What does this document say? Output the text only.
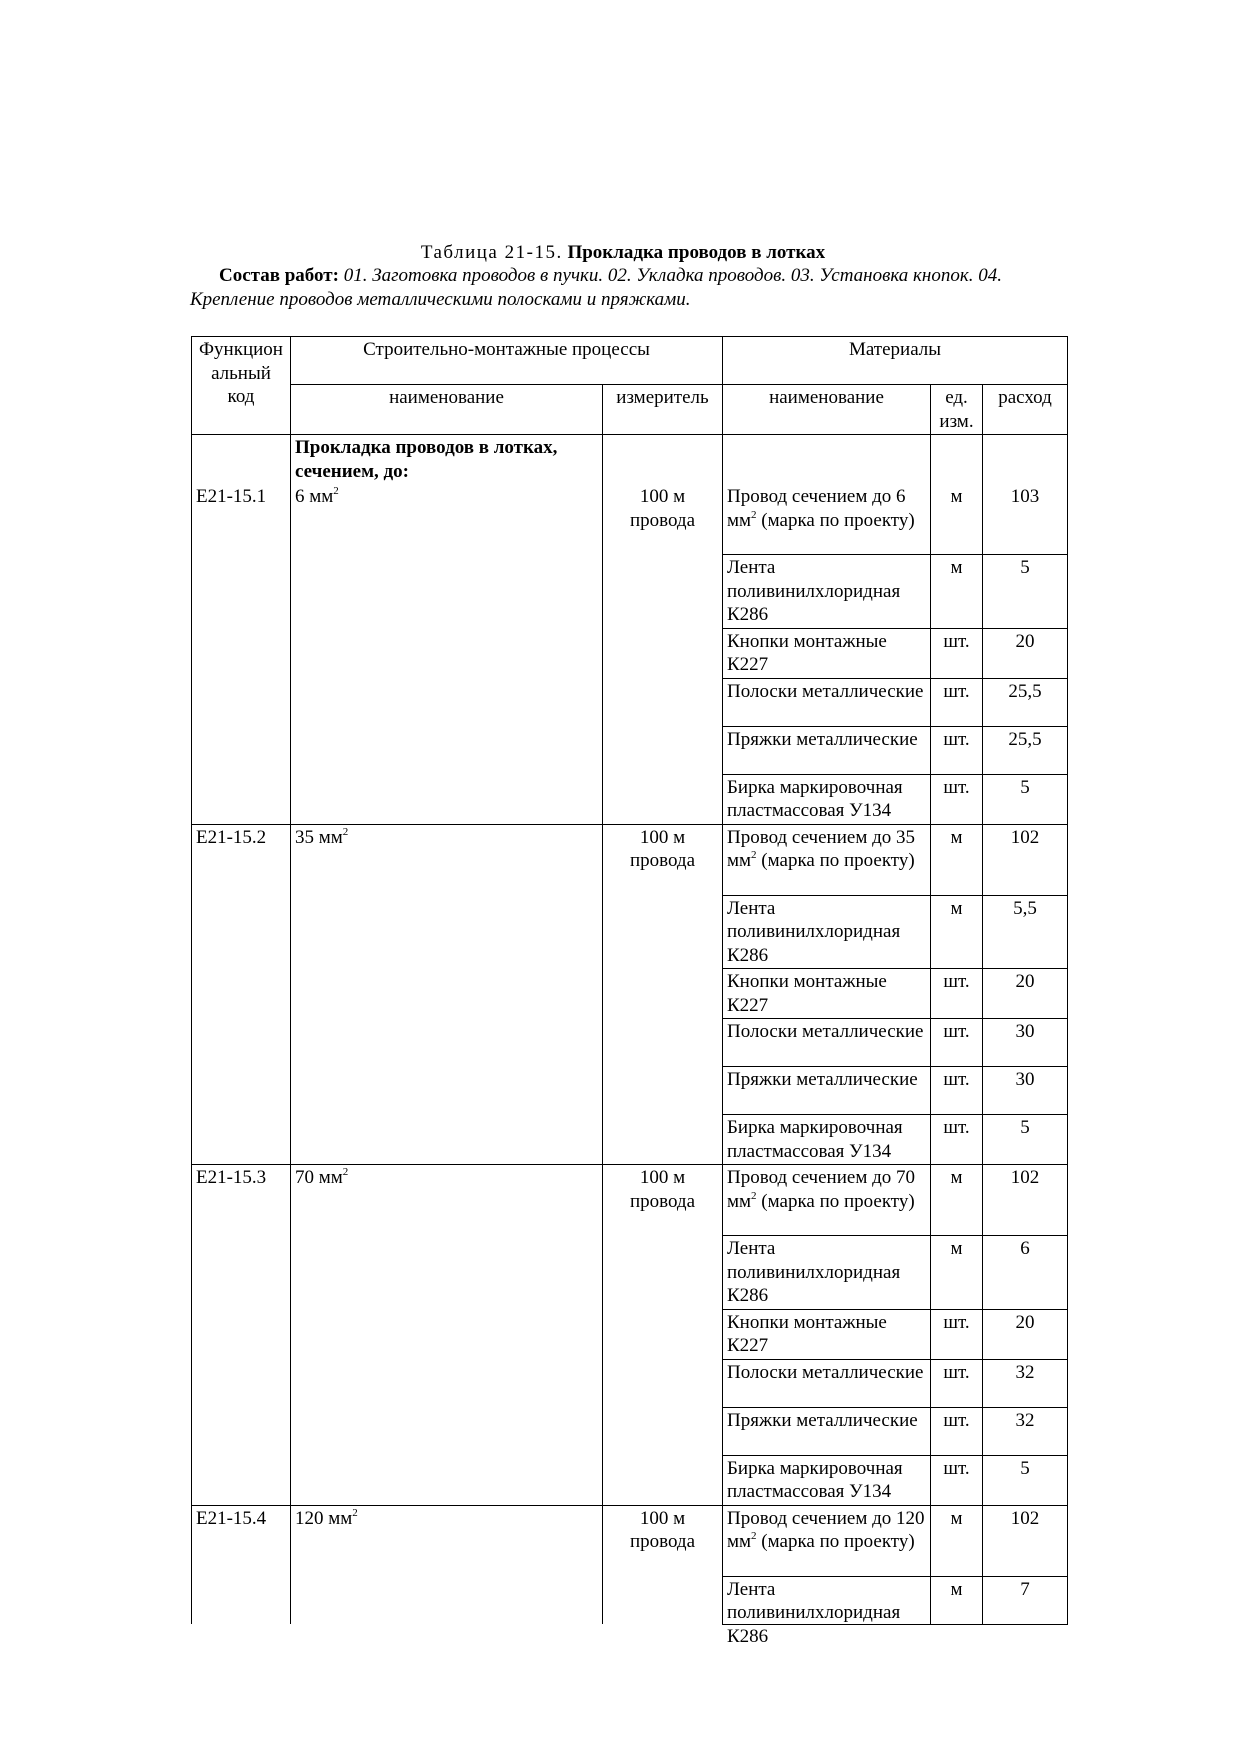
Таблица 21-15. Прокладка проводов в лотках
Состав работ: 01. Заготовка проводов в пучки. 02. Укладка проводов. 03. Установка кнопок. 04. Крепление проводов металлическими полосками и пряжками.
Функцион
альный
код	Строительно-монтажные процессы		Материалы		
	наименование	измеритель	наименование	ед.
изм.	расход
	Прокладка проводов в лотках, сечением, до:				
Е21-15.1	6 $мм^2$	100 м провода	Провод сечением до 6 $мм^2$ (марка по проекту)	м	103
			Лента поливинилхлоридная К286	м	5
			Кнопки монтажные К227	шт.	20
			Полоски металлические	шт.	25,5
			Пряжки металлические	шт.	25,5
			Бирка маркировочная пластмассовая У134	шт.	5
Е21-15.2	35 $мм^2$	100 м провода	Провод сечением до 35 $мм^2$ (марка по проекту)	м	102
			Лента поливинилхлоридная К286	м	5,5
			Кнопки монтажные К227	шт.	20
			Полоски металлические	шт.	30
			Пряжки металлические	шт.	30
			Бирка маркировочная пластмассовая У134	шт.	5
Е21-15.3	70 $мм^2$	100 м провода	Провод сечением до 70 $мм^2$ (марка по проекту)	м	102
			Лента поливинилхлоридная К286	м	6
			Кнопки монтажные К227	шт.	20
			Полоски металлические	шт.	32
			Пряжки металлические	шт.	32
			Бирка маркировочная пластмассовая У134	шт.	5
Е21-15.4	120 $мм^2$	100 м провода	Провод сечением до 120 $мм^2$ (марка по проекту)	м	102

			Лента поливинилхлоридная К286	м	7
